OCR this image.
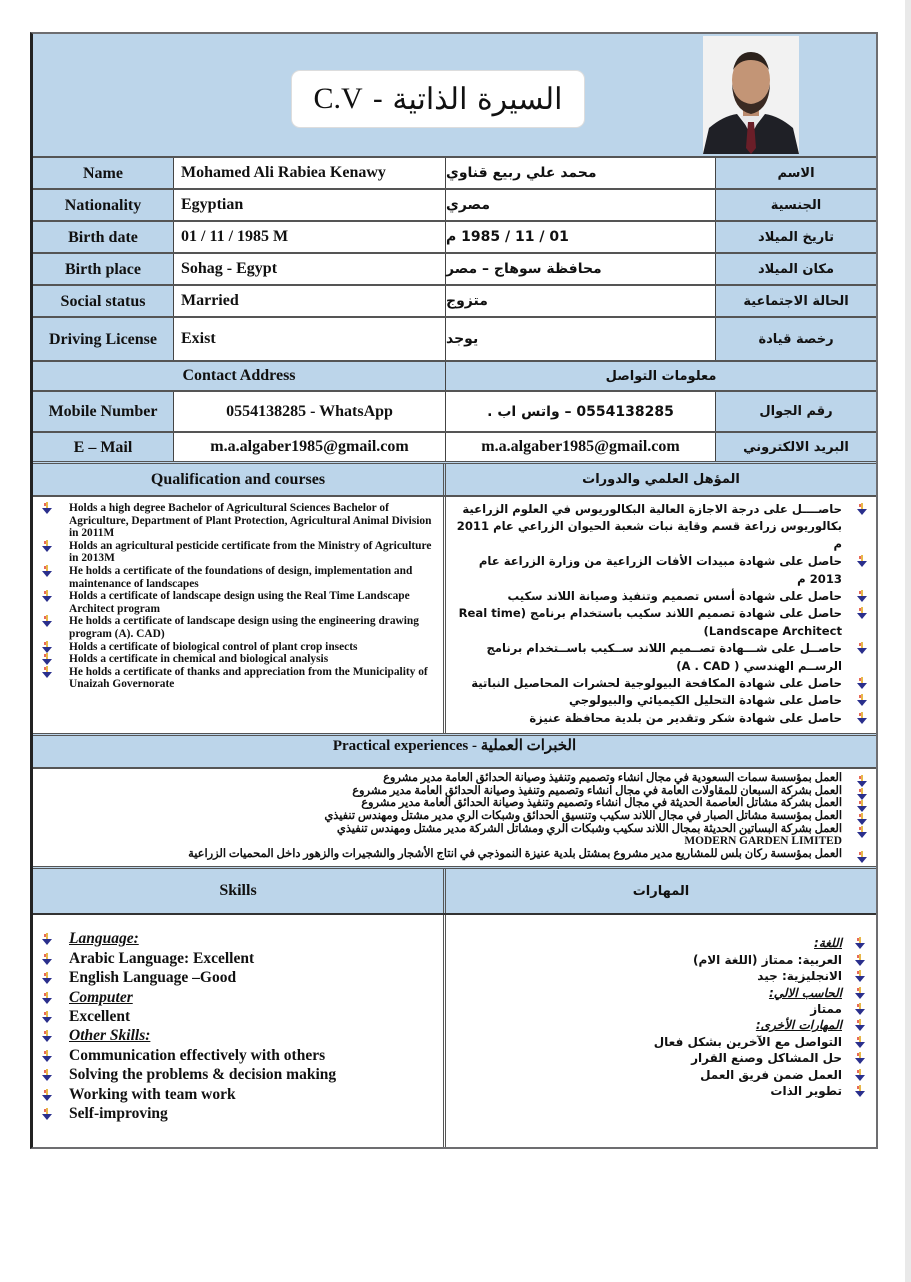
السيرة الذاتية -
C.V
Name	Mohamed Ali Rabiea Kenawy	محمد علي ربيع قناوي	الاسم
Nationality	Egyptian	مصري	الجنسية
Birth date	01 / 11 / 1985 M	01 / 11 / 1985 م	تاريخ الميلاد
Birth place	Sohag - Egypt	محافظة سوهاج – مصر	مكان الميلاد
Social status	Married	متزوج	الحالة الاجتماعية
Driving License	Exist	يوجد	رخصة قيادة
Contact Address	معلومات التواصل
Mobile Number	0554138285 - WhatsApp	0554138285 – واتس اب .	رقم الجوال
E – Mail	m.a.algaber1985@gmail.com	m.a.algaber1985@gmail.com	البريد الالكتروني
Qualification and courses	المؤهل العلمي والدورات
Holds a high degree Bachelor of Agricultural Sciences Bachelor of Agriculture, Department of Plant Protection, Agricultural Animal Division in 2011M
Holds an agricultural pesticide certificate from the Ministry of Agriculture in 2013M
He holds a certificate of the foundations of design, implementation and maintenance of landscapes
Holds a certificate of landscape design using the Real Time Landscape Architect program
He holds a certificate of landscape design using the engineering drawing program (A). CAD)
Holds a certificate of biological control of plant crop insects
Holds a certificate in chemical and biological analysis
He holds a certificate of thanks and appreciation from the Municipality of Unaizah Governorate
حاصــــل على درجة الاجازة العالية البكالوريوس في العلوم الزراعية بكالوريوس زراعة قسم وقاية نبات شعبة الحيوان الزراعي عام 2011 م
حاصل على شهادة مبيدات الأفات الزراعية من وزارة الزراعة عام 2013 م
حاصل على شهادة أسس تصميم وتنفيذ وصيانة اللاند سكيب
حاصل على شهادة تصميم اللاند سكيب باستخدام برنامج (Real time Landscape Architect)
حاصــل على شـــهادة تصــميم اللاند ســكيب باســتخدام برنامج الرســم الهندسي ( A . CAD)
حاصل على شهادة المكافحة البيولوجية لحشرات المحاصيل النباتية
حاصل على شهادة التحليل الكيميائي والبيولوجي
حاصل على شهادة شكر وتقدير من بلدية محافظة عنيزة
Practical experiences - الخبرات العملية
العمل بمؤسسة سمات السعودية في مجال انشاء وتصميم وتنفيذ وصيانة الحدائق العامة مدير مشروع
العمل بشركة السبعان للمقاولات العامة في مجال انشاء وتصميم وتنفيذ وصيانة الحدائق العامة مدير مشروع
العمل بشركة مشاتل العاصمة الحديثة في مجال انشاء وتصميم وتنفيذ وصيانة الحدائق العامة مدير مشروع
العمل بمؤسسة مشاتل الصبار في مجال اللاند سكيب وتنسيق الحدائق وشبكات الري مدير مشتل ومهندس تنفيذي
العمل بشركة البساتين الحديثة بمجال اللاند سكيب وشبكات الري ومشاتل الشركة مدير مشتل ومهندس تنفيذي
MODERN GARDEN LIMITED
العمل بمؤسسة ركان بلس للمشاريع مدير مشروع بمشتل بلدية عنيزة النموذجي في انتاج الأشجار والشجيرات والزهور داخل المحميات الزراعية
Skills	المهارات
Language:
Arabic Language: Excellent
English Language –Good
Computer
Excellent
Other Skills:
Communication effectively with others
Solving the problems & decision making
Working with team work
Self-improving
اللغة:
العربية: ممتاز (اللغة الام)
الانجليزية: جيد
الحاسب الالي:
ممتاز
المهارات الأخرى:
التواصل مع الآخرين بشكل فعال
حل المشاكل وصنع القرار
العمل ضمن فريق العمل
تطوير الذات
